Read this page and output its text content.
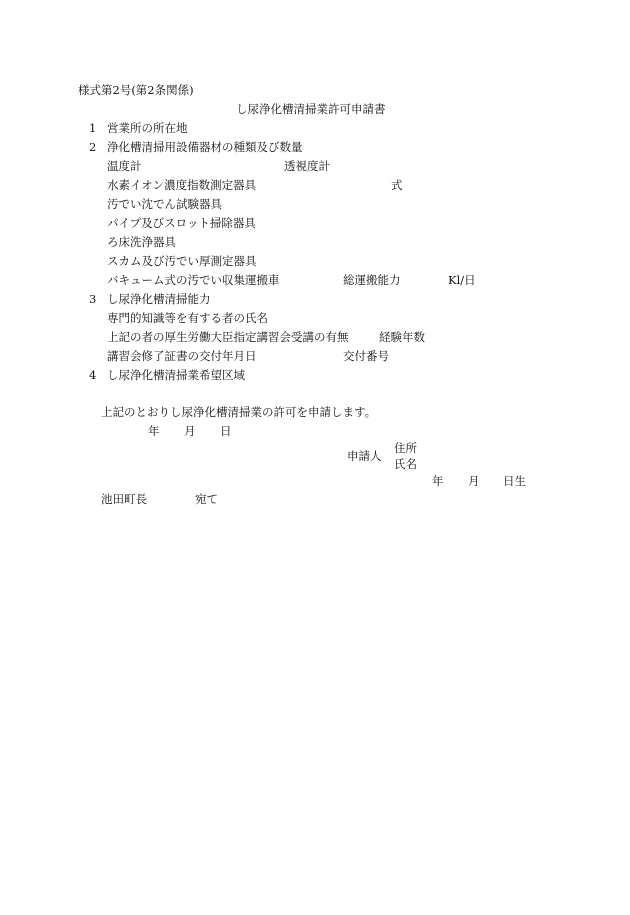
様式第2号(第2条関係)
し尿浄化槽清掃業許可申請書
1 営業所の所在地
2 浄化槽清掃用設備器材の種類及び数量
温度計	透視度計
水素イオン濃度指数測定器具	式
汚でい沈でん試験器具
パイプ及びスロット掃除器具
ろ床洗浄器具
スカム及び汚でい厚測定器具
バキューム式の汚でい収集運搬車	総運搬能力	Kl/日
3 し尿浄化槽清掃能力
専門的知識等を有する者の氏名
上記の者の厚生労働大臣指定講習会受講の有無	経験年数
講習会修了証書の交付年月日	交付番号
4 し尿浄化槽清掃業希望区域
上記のとおりし尿浄化槽清掃業の許可を申請します。
年 月 日
申請人
住所
氏名
年 月 日生
池田町長	宛て
